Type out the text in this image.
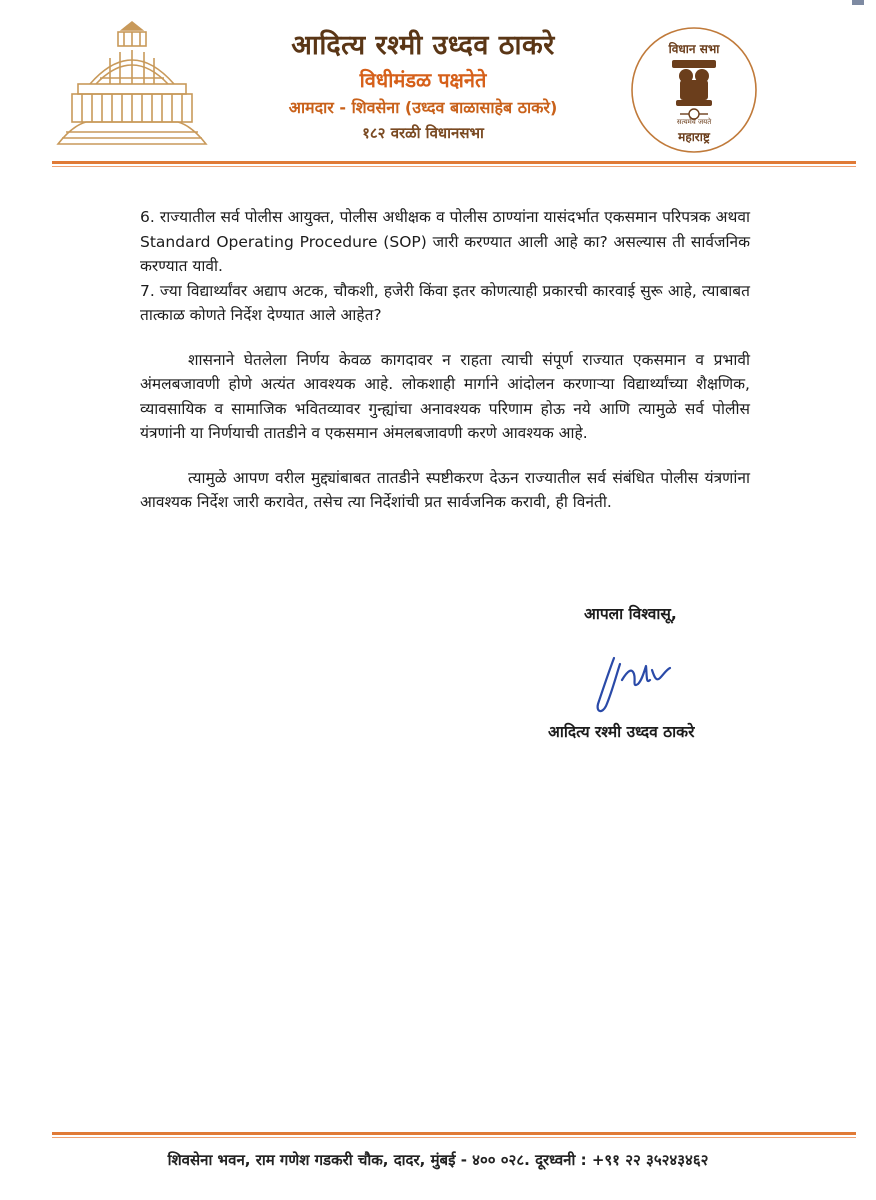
आदित्य रश्मी उध्दव ठाकरे
विधीमंडळ पक्षनेते
आमदार - शिवसेना (उध्दव बाळासाहेब ठाकरे)
१८२ वरळी विधानसभा
विधान सभा
सत्यमेव जयते
महाराष्ट्र

6. राज्यातील सर्व पोलीस आयुक्त, पोलीस अधीक्षक व पोलीस ठाण्यांना यासंदर्भात एकसमान परिपत्रक अथवा Standard Operating Procedure (SOP) जारी करण्यात आली आहे का? असल्यास ती सार्वजनिक करण्यात यावी.

7. ज्या विद्यार्थ्यांवर अद्याप अटक, चौकशी, हजेरी किंवा इतर कोणत्याही प्रकारची कारवाई सुरू आहे, त्याबाबत तात्काळ कोणते निर्देश देण्यात आले आहेत?

शासनाने घेतलेला निर्णय केवळ कागदावर न राहता त्याची संपूर्ण राज्यात एकसमान व प्रभावी अंमलबजावणी होणे अत्यंत आवश्यक आहे. लोकशाही मार्गाने आंदोलन करणाऱ्या विद्यार्थ्यांच्या शैक्षणिक, व्यावसायिक व सामाजिक भवितव्यावर गुन्ह्यांचा अनावश्यक परिणाम होऊ नये आणि त्यामुळे सर्व पोलीस यंत्रणांनी या निर्णयाची तातडीने व एकसमान अंमलबजावणी करणे आवश्यक आहे.

त्यामुळे आपण वरील मुद्द्यांबाबत तातडीने स्पष्टीकरण देऊन राज्यातील सर्व संबंधित पोलीस यंत्रणांना आवश्यक निर्देश जारी करावेत, तसेच त्या निर्देशांची प्रत सार्वजनिक करावी, ही विनंती.

आपला विश्वासू,
आदित्य रश्मी उध्दव ठाकरे
शिवसेना भवन, राम गणेश गडकरी चौक, दादर, मुंबई - ४०० ०२८. दूरध्वनी : +९१ २२ ३५२४३४६२
